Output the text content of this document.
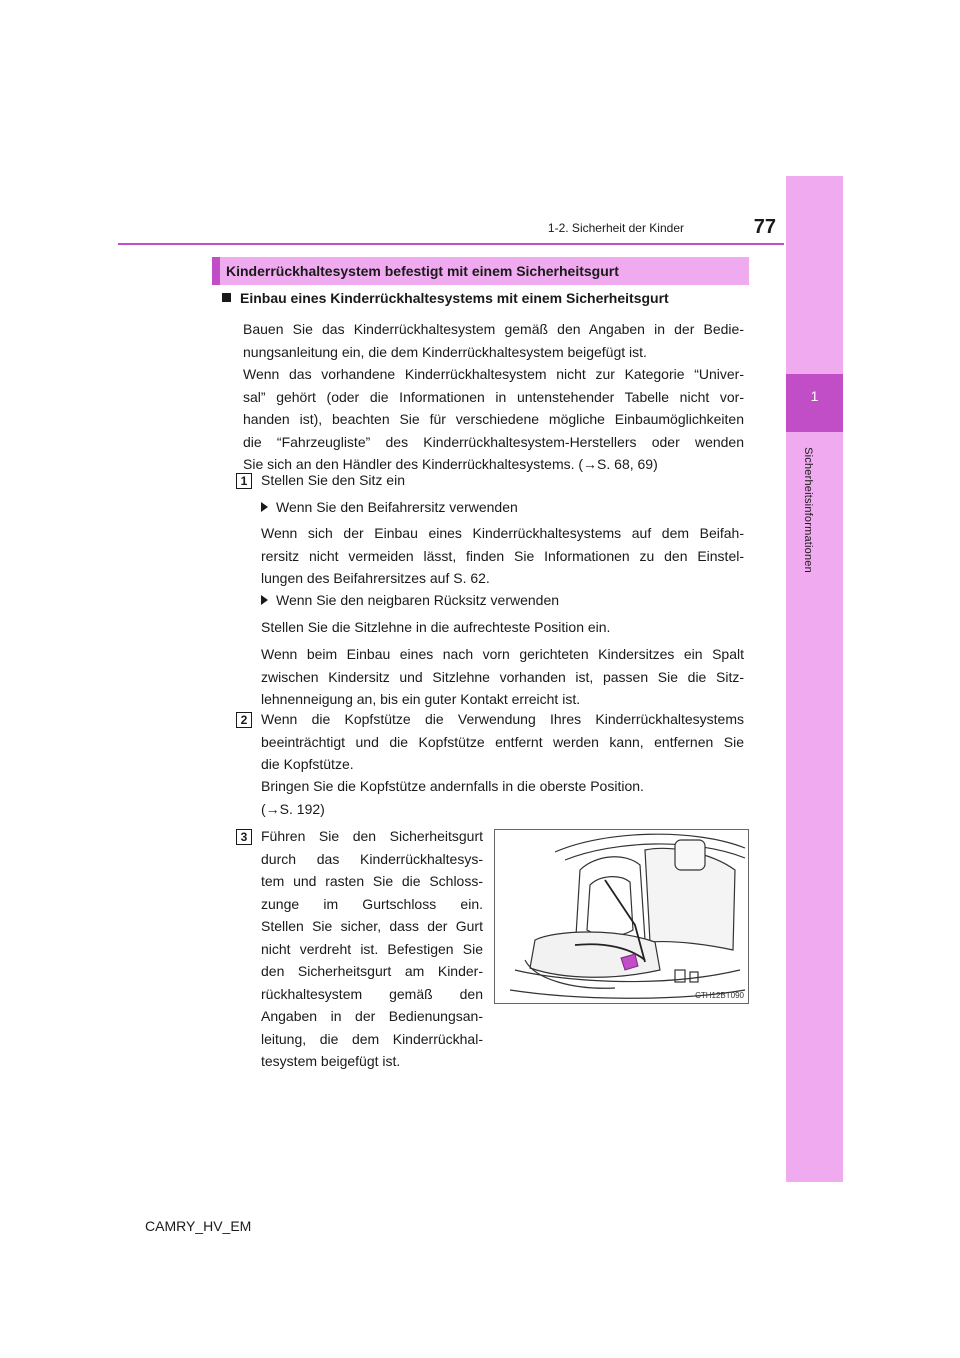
1
Sicherheitsinformationen
1-2. Sicherheit der Kinder	77
Kinderrückhaltesystem befestigt mit einem Sicherheitsgurt
Einbau eines Kinderrückhaltesystems mit einem Sicherheitsgurt
Bauen Sie das Kinderrückhaltesystem gemäß den Angaben in der Bedie-
nungsanleitung ein, die dem Kinderrückhaltesystem beigefügt ist.
Wenn das vorhandene Kinderrückhaltesystem nicht zur Kategorie “Univer-
sal” gehört (oder die Informationen in untenstehender Tabelle nicht vor-
handen ist), beachten Sie für verschiedene mögliche Einbaumöglichkeiten
die “Fahrzeugliste” des Kinderrückhaltesystem-Herstellers oder wenden
Sie sich an den Händler des Kinderrückhaltesystems. (→S. 68, 69)
1 Stellen Sie den Sitz ein
Wenn Sie den Beifahrersitz verwenden
Wenn sich der Einbau eines Kinderrückhaltesystems auf dem Beifah-
rersitz nicht vermeiden lässt, finden Sie Informationen zu den Einstel-
lungen des Beifahrersitzes auf S. 62.
Wenn Sie den neigbaren Rücksitz verwenden
Stellen Sie die Sitzlehne in die aufrechteste Position ein.
Wenn beim Einbau eines nach vorn gerichteten Kindersitzes ein Spalt
zwischen Kindersitz und Sitzlehne vorhanden ist, passen Sie die Sitz-
lehnenneigung an, bis ein guter Kontakt erreicht ist.
2 Wenn die Kopfstütze die Verwendung Ihres Kinderrückhaltesystems
beeinträchtigt und die Kopfstütze entfernt werden kann, entfernen Sie
die Kopfstütze.
Bringen Sie die Kopfstütze andernfalls in die oberste Position.
(→S. 192)
3 Führen Sie den Sicherheitsgurt
durch das Kinderrückhaltesys-
tem und rasten Sie die Schloss-
zunge im Gurtschloss ein.
Stellen Sie sicher, dass der Gurt
nicht verdreht ist. Befestigen Sie
den Sicherheitsgurt am Kinder-
rückhaltesystem gemäß den
Angaben in der Bedienungsan-
leitung, die dem Kinderrückhal-
tesystem beigefügt ist.
CTH12BT090
CAMRY_HV_EM
